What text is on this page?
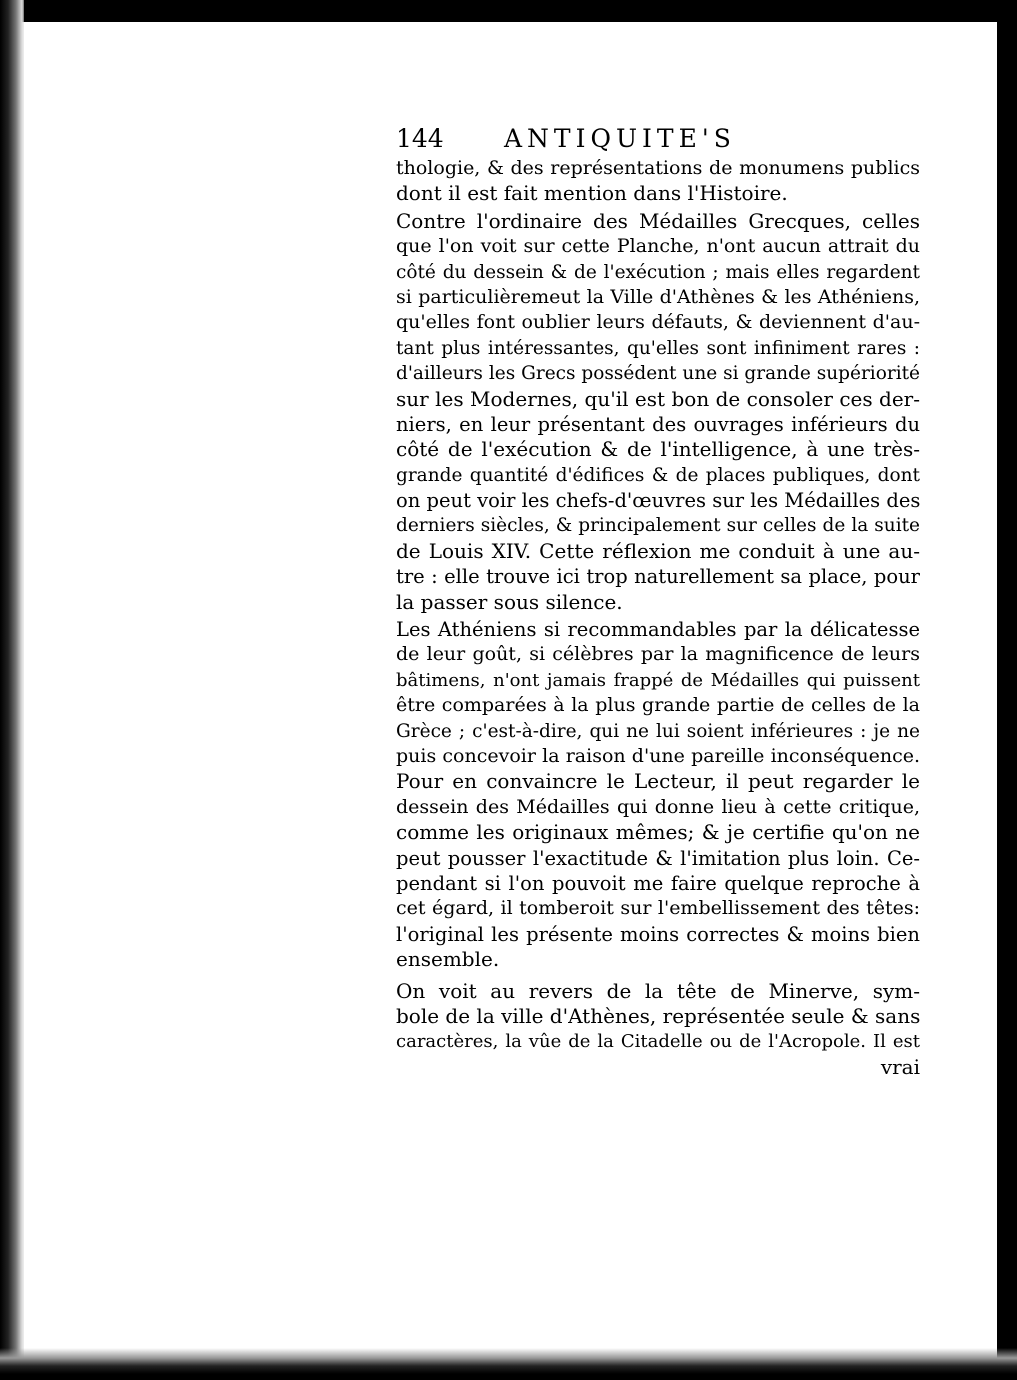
144 ANTIQUITE'S
thologie, & des représentations de monumens publics
dont il est fait mention dans l'Histoire.
Contre l'ordinaire des Médailles Grecques, celles
que l'on voit sur cette Planche, n'ont aucun attrait du
côté du dessein & de l'exécution ; mais elles regardent
si particulièremeut la Ville d'Athènes & les Athéniens,
qu'elles font oublier leurs défauts, & deviennent d'au-
tant plus intéressantes, qu'elles sont infiniment rares :
d'ailleurs les Grecs possédent une si grande supériorité
sur les Modernes, qu'il est bon de consoler ces der-
niers, en leur présentant des ouvrages inférieurs du
côté de l'exécution & de l'intelligence, à une très-
grande quantité d'édifices & de places publiques, dont
on peut voir les chefs-d'œuvres sur les Médailles des
derniers siècles, & principalement sur celles de la suite
de Louis XIV. Cette réflexion me conduit à une au-
tre : elle trouve ici trop naturellement sa place, pour
la passer sous silence.
Les Athéniens si recommandables par la délicatesse
de leur goût, si célèbres par la magnificence de leurs
bâtimens, n'ont jamais frappé de Médailles qui puissent
être comparées à la plus grande partie de celles de la
Grèce ; c'est-à-dire, qui ne lui soient inférieures : je ne
puis concevoir la raison d'une pareille inconséquence.
Pour en convaincre le Lecteur, il peut regarder le
dessein des Médailles qui donne lieu à cette critique,
comme les originaux mêmes; & je certifie qu'on ne
peut pousser l'exactitude & l'imitation plus loin. Ce-
pendant si l'on pouvoit me faire quelque reproche à
cet égard, il tomberoit sur l'embellissement des têtes:
l'original les présente moins correctes & moins bien
ensemble.
On voit au revers de la tête de Minerve, sym-
bole de la ville d'Athènes, représentée seule & sans
caractères, la vûe de la Citadelle ou de l'Acropole. Il est
vrai
